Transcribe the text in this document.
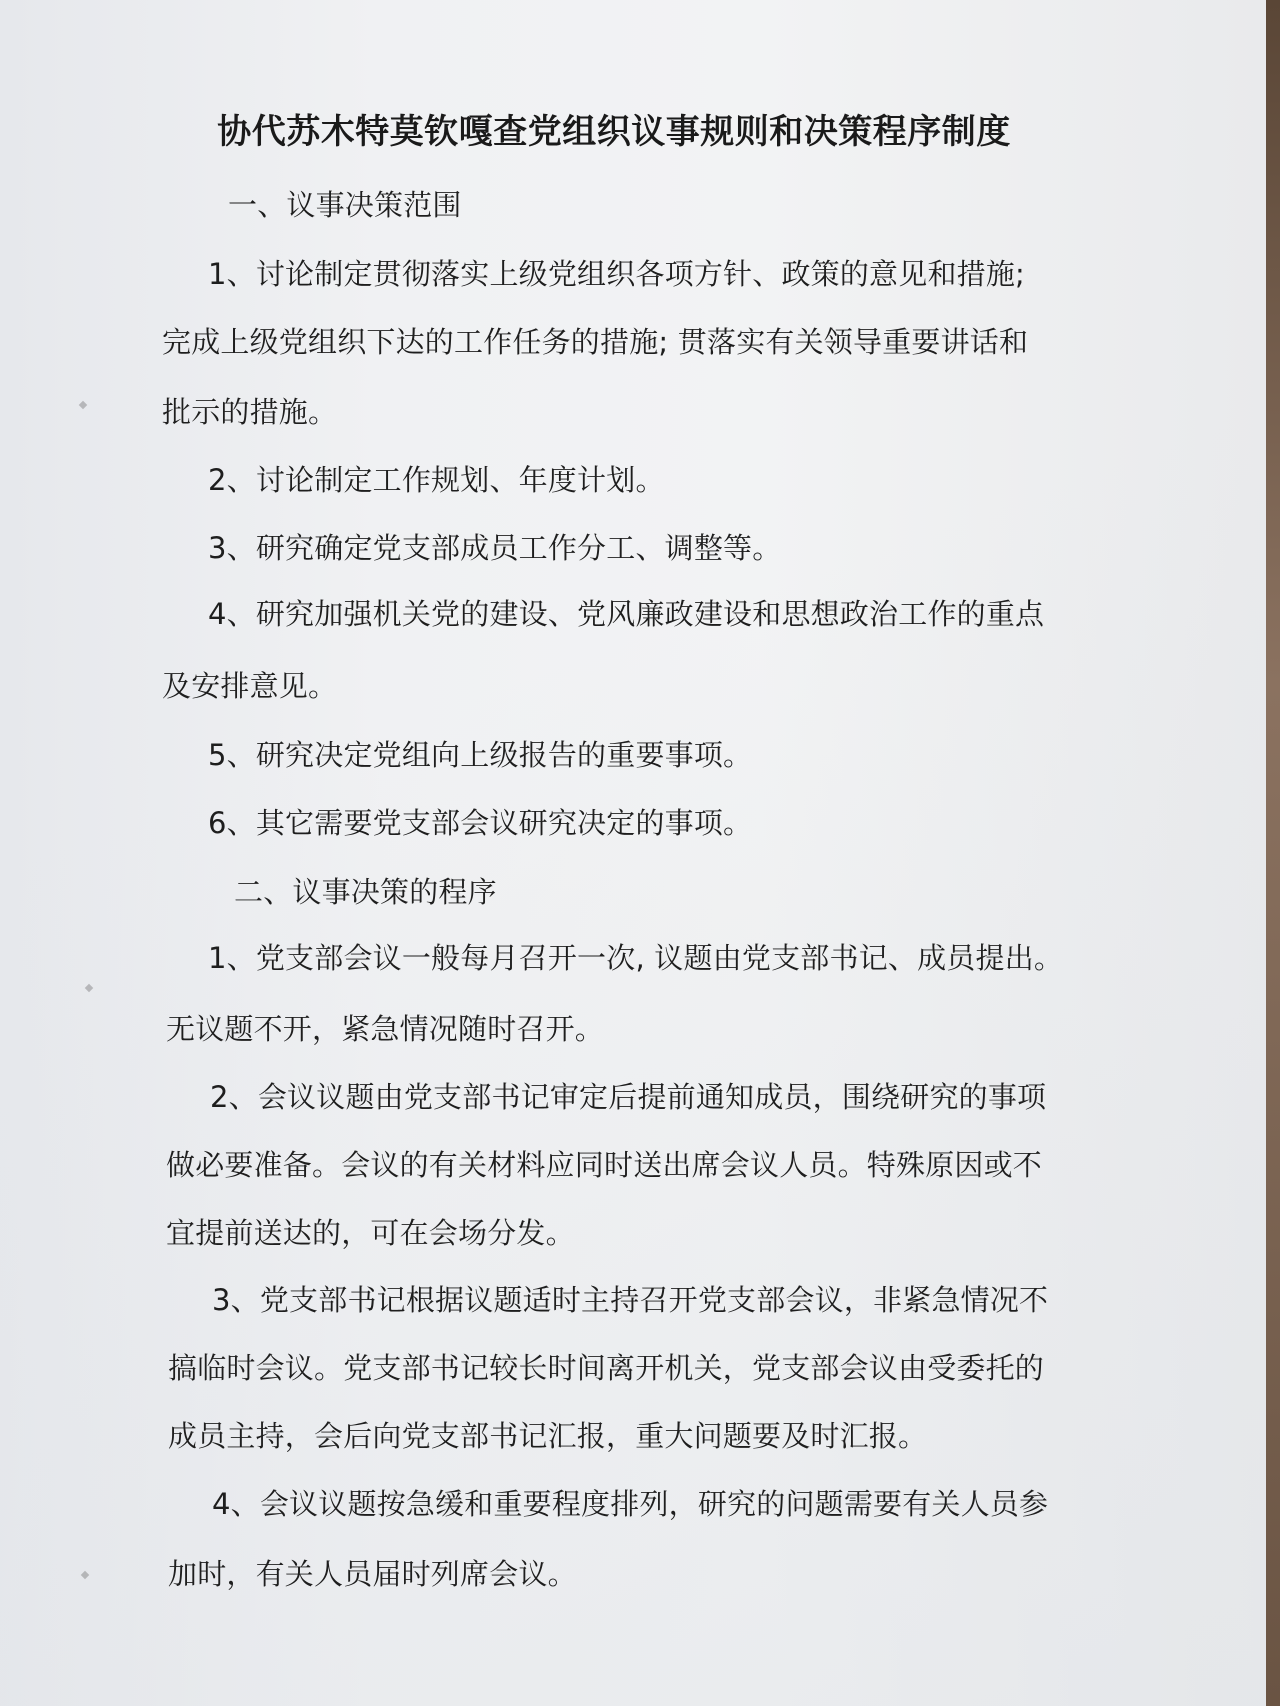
协代苏木特莫钦嘎查党组织议事规则和决策程序制度
一、议事决策范围
1、讨论制定贯彻落实上级党组织各项方针、政策的意见和措施;
完成上级党组织下达的工作任务的措施; 贯落实有关领导重要讲话和
批示的措施。
2、讨论制定工作规划、年度计划。
3、研究确定党支部成员工作分工、调整等。
4、研究加强机关党的建设、党风廉政建设和思想政治工作的重点
及安排意见。
5、研究决定党组向上级报告的重要事项。
6、其它需要党支部会议研究决定的事项。
二、议事决策的程序
1、党支部会议一般每月召开一次, 议题由党支部书记、成员提出。
无议题不开，紧急情况随时召开。
2、会议议题由党支部书记审定后提前通知成员，围绕研究的事项
做必要准备。会议的有关材料应同时送出席会议人员。特殊原因或不
宜提前送达的，可在会场分发。
3、党支部书记根据议题适时主持召开党支部会议，非紧急情况不
搞临时会议。党支部书记较长时间离开机关，党支部会议由受委托的
成员主持，会后向党支部书记汇报，重大问题要及时汇报。
4、会议议题按急缓和重要程度排列，研究的问题需要有关人员参
加时，有关人员届时列席会议。
